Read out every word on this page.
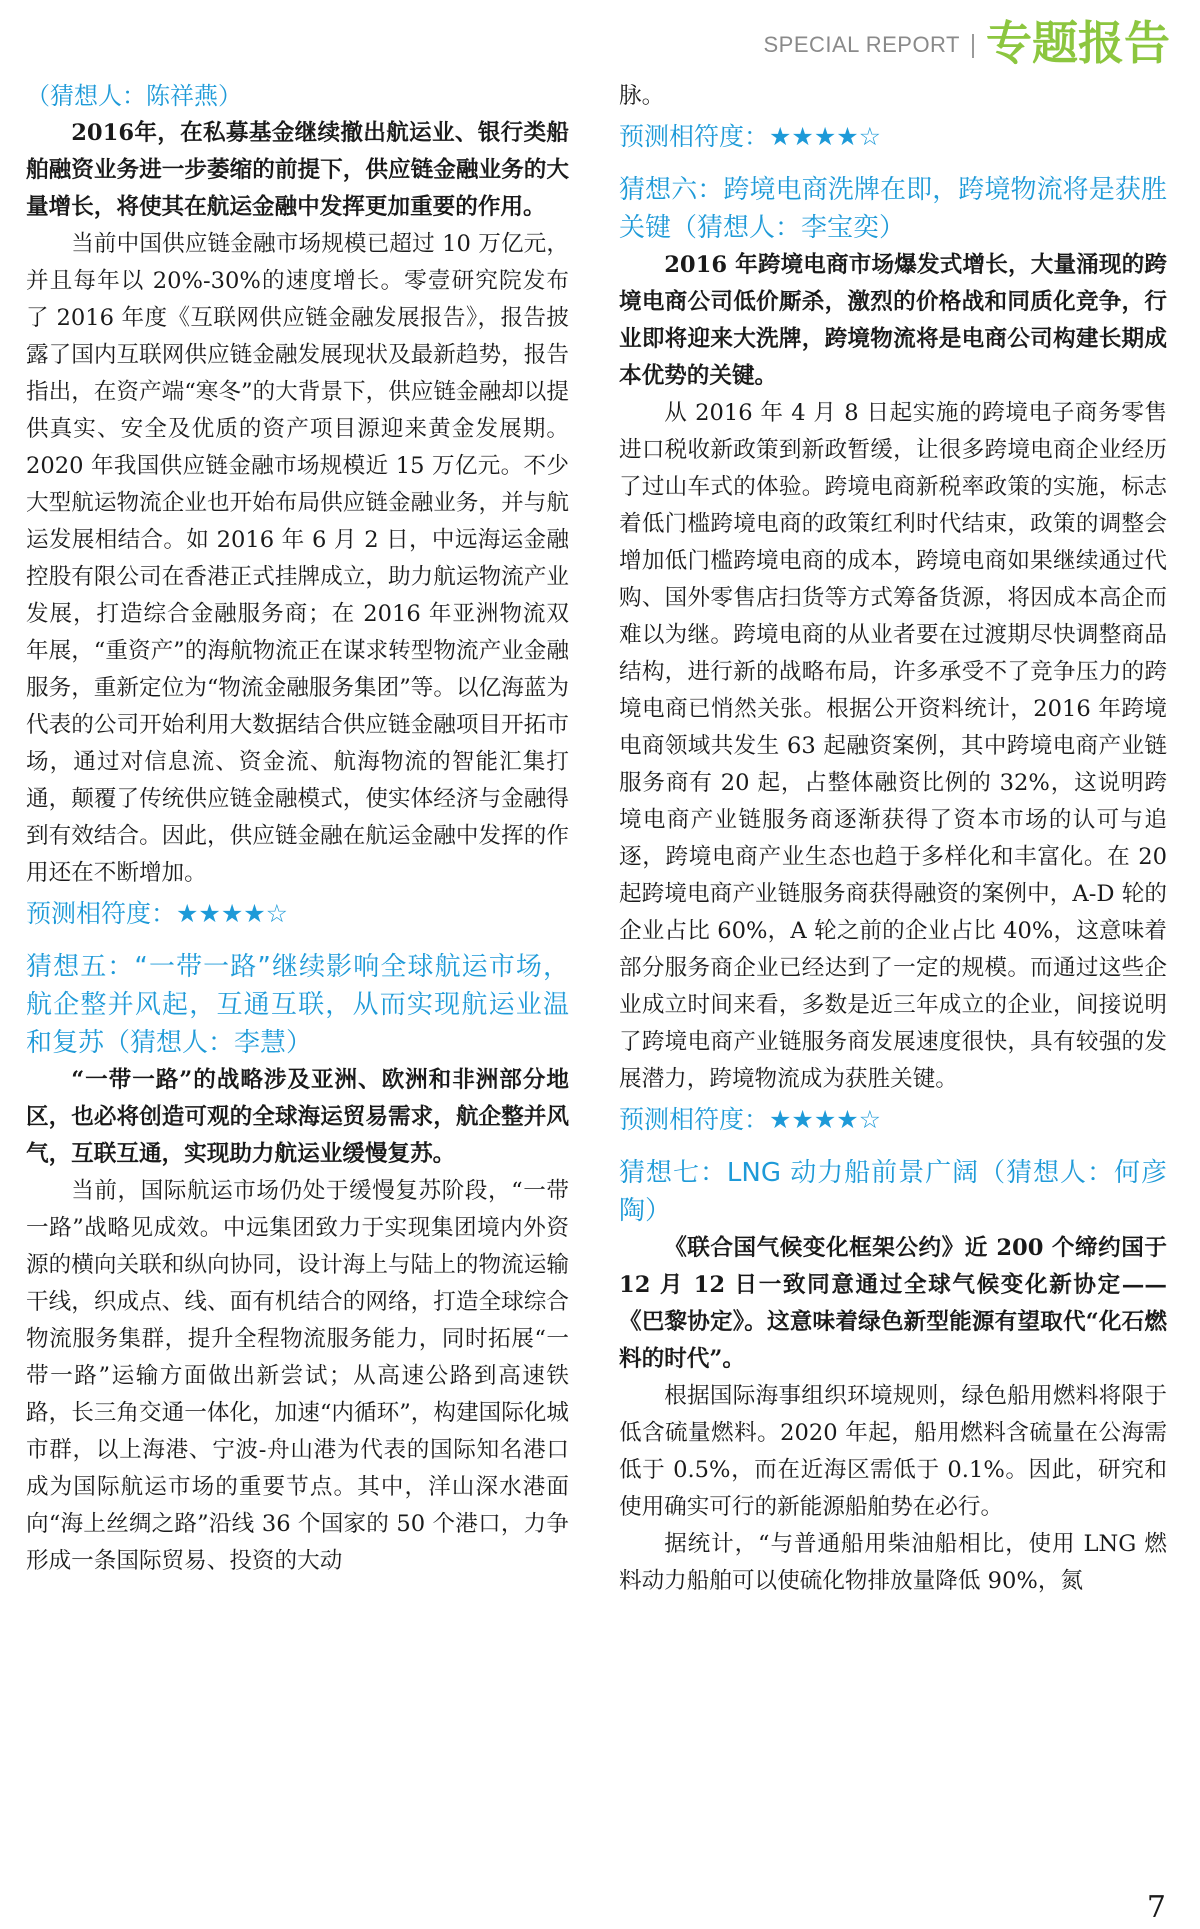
SPECIAL REPORT 专题报告

（猜想人：陈祥燕）

2016年，在私募基金继续撤出航运业、银行类船舶融资业务进一步萎缩的前提下，供应链金融业务的大量增长，将使其在航运金融中发挥更加重要的作用。

当前中国供应链金融市场规模已超过 10 万亿元，并且每年以 20%-30%的速度增长。零壹研究院发布了 2016 年度《互联网供应链金融发展报告》，报告披露了国内互联网供应链金融发展现状及最新趋势，报告指出，在资产端“寒冬”的大背景下，供应链金融却以提供真实、安全及优质的资产项目源迎来黄金发展期。2020 年我国供应链金融市场规模近 15 万亿元。不少大型航运物流企业也开始布局供应链金融业务，并与航运发展相结合。如 2016 年 6 月 2 日，中远海运金融控股有限公司在香港正式挂牌成立，助力航运物流产业发展，打造综合金融服务商；在 2016 年亚洲物流双年展，“重资产”的海航物流正在谋求转型物流产业金融服务，重新定位为“物流金融服务集团”等。以亿海蓝为代表的公司开始利用大数据结合供应链金融项目开拓市场，通过对信息流、资金流、航海物流的智能汇集打通，颠覆了传统供应链金融模式，使实体经济与金融得到有效结合。因此，供应链金融在航运金融中发挥的作用还在不断增加。

预测相符度：★★★★☆

猜想五：“一带一路”继续影响全球航运市场，航企整并风起，互通互联，从而实现航运业温和复苏（猜想人：李慧）

“一带一路”的战略涉及亚洲、欧洲和非洲部分地区，也必将创造可观的全球海运贸易需求，航企整并风气，互联互通，实现助力航运业缓慢复苏。

当前，国际航运市场仍处于缓慢复苏阶段，“一带一路”战略见成效。中远集团致力于实现集团境内外资源的横向关联和纵向协同，设计海上与陆上的物流运输干线，织成点、线、面有机结合的网络，打造全球综合物流服务集群，提升全程物流服务能力，同时拓展“一带一路”运输方面做出新尝试；从高速公路到高速铁路，长三角交通一体化，加速“内循环”，构建国际化城市群，以上海港、宁波-舟山港为代表的国际知名港口成为国际航运市场的重要节点。其中，洋山深水港面向“海上丝绸之路”沿线 36 个国家的 50 个港口，力争形成一条国际贸易、投资的大动

脉。

预测相符度：★★★★☆

猜想六：跨境电商洗牌在即，跨境物流将是获胜关键（猜想人：李宝奕）

2016 年跨境电商市场爆发式增长，大量涌现的跨境电商公司低价厮杀，激烈的价格战和同质化竞争，行业即将迎来大洗牌，跨境物流将是电商公司构建长期成本优势的关键。

从 2016 年 4 月 8 日起实施的跨境电子商务零售进口税收新政策到新政暂缓，让很多跨境电商企业经历了过山车式的体验。跨境电商新税率政策的实施，标志着低门槛跨境电商的政策红利时代结束，政策的调整会增加低门槛跨境电商的成本，跨境电商如果继续通过代购、国外零售店扫货等方式筹备货源，将因成本高企而难以为继。跨境电商的从业者要在过渡期尽快调整商品结构，进行新的战略布局，许多承受不了竞争压力的跨境电商已悄然关张。根据公开资料统计，2016 年跨境电商领域共发生 63 起融资案例，其中跨境电商产业链服务商有 20 起，占整体融资比例的 32%，这说明跨境电商产业链服务商逐渐获得了资本市场的认可与追逐，跨境电商产业生态也趋于多样化和丰富化。在 20 起跨境电商产业链服务商获得融资的案例中，A-D 轮的企业占比 60%，A 轮之前的企业占比 40%，这意味着部分服务商企业已经达到了一定的规模。而通过这些企业成立时间来看，多数是近三年成立的企业，间接说明了跨境电商产业链服务商发展速度很快，具有较强的发展潜力，跨境物流成为获胜关键。

预测相符度：★★★★☆

猜想七：LNG 动力船前景广阔（猜想人：何彦陶）

《联合国气候变化框架公约》近 200 个缔约国于 12 月 12 日一致同意通过全球气候变化新协定——《巴黎协定》。这意味着绿色新型能源有望取代“化石燃料的时代”。

根据国际海事组织环境规则，绿色船用燃料将限于低含硫量燃料。2020 年起，船用燃料含硫量在公海需低于 0.5%，而在近海区需低于 0.1%。因此，研究和使用确实可行的新能源船舶势在必行。

据统计，“与普通船用柴油船相比，使用 LNG 燃料动力船舶可以使硫化物排放量降低 90%，氮

7
